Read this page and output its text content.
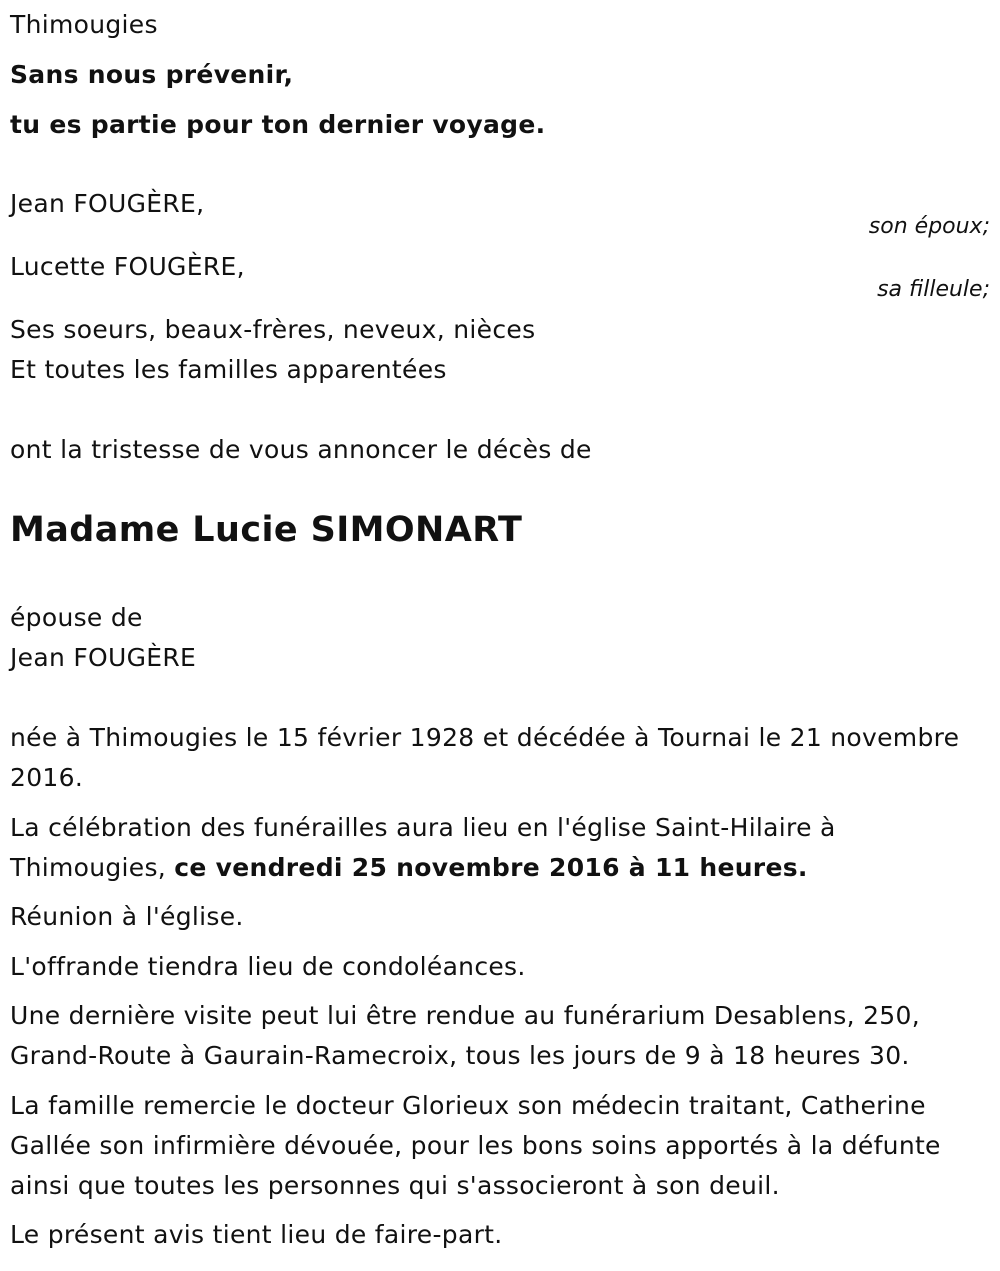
Thimougies

Sans nous prévenir,

tu es partie pour ton dernier voyage.

Jean FOUGÈRE,

son époux;

Lucette FOUGÈRE,

sa filleule;

Ses soeurs, beaux-frères, neveux, nièces

Et toutes les familles apparentées

ont la tristesse de vous annoncer le décès de

Madame Lucie SIMONART

épouse de

Jean FOUGÈRE

née à Thimougies le 15 février 1928 et décédée à Tournai le 21 novembre

2016.

La célébration des funérailles aura lieu en l'église Saint-Hilaire à

Thimougies, ce vendredi 25 novembre 2016 à 11 heures.

Réunion à l'église.

L'offrande tiendra lieu de condoléances.

Une dernière visite peut lui être rendue au funérarium Desablens, 250,

Grand-Route à Gaurain-Ramecroix, tous les jours de 9 à 18 heures 30.

La famille remercie le docteur Glorieux son médecin traitant, Catherine

Gallée son infirmière dévouée, pour les bons soins apportés à la défunte

ainsi que toutes les personnes qui s'associeront à son deuil.

Le présent avis tient lieu de faire-part.
